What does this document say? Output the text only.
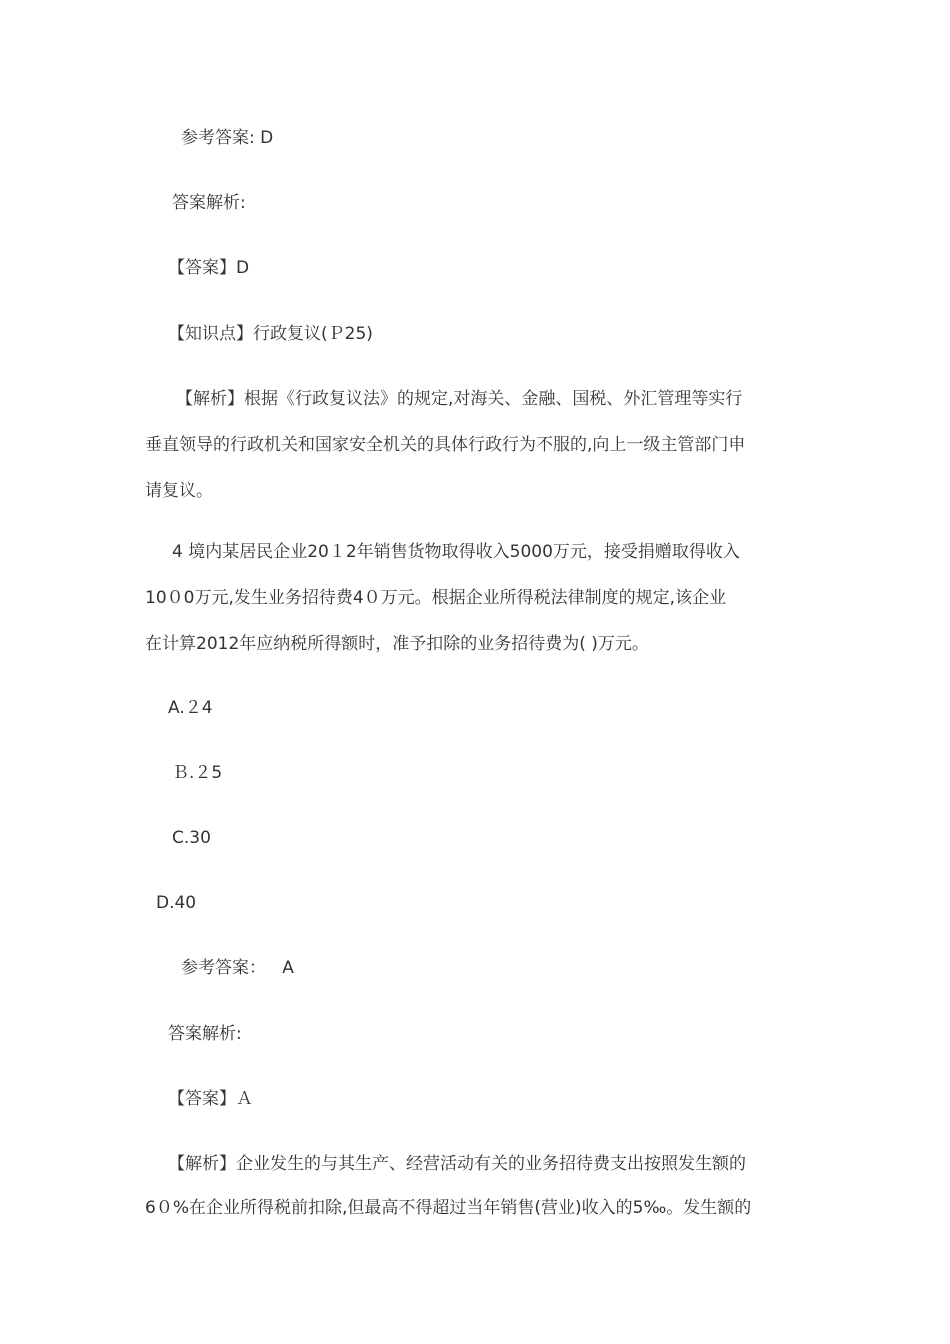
参考答案: D
答案解析:
【答案】D
【知识点】行政复议(Ｐ25)
【解析】根据《行政复议法》的规定,对海关、金融、国税、外汇管理等实行
垂直领导的行政机关和国家安全机关的具体行政行为不服的,向上一级主管部门申
请复议。
4 境内某居民企业20１2年销售货物取得收入5000万元，接受捐赠取得收入
10０0万元,发生业务招待费4０万元。根据企业所得税法律制度的规定,该企业
在计算2012年应纳税所得额时，准予扣除的业务招待费为( )万元。
A.２4
Ｂ.２5
C.30
D.40
参考答案：   A
答案解析:
【答案】Ａ
【解析】企业发生的与其生产、经营活动有关的业务招待费支出按照发生额的
6０%在企业所得税前扣除,但最高不得超过当年销售(营业)收入的5‰。发生额的
